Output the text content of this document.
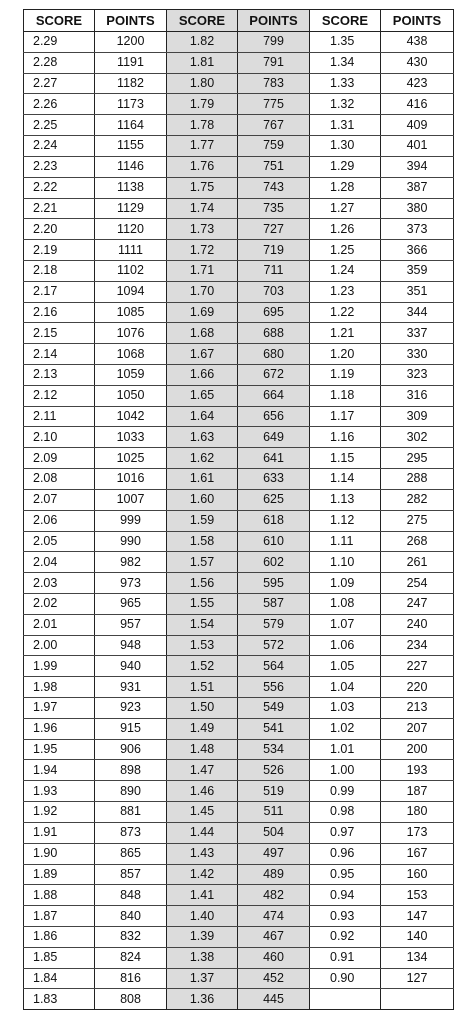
SCORE	POINTS	SCORE	POINTS	SCORE	POINTS
2.29	1200	1.82	799	1.35	438
2.28	1191	1.81	791	1.34	430
2.27	1182	1.80	783	1.33	423
2.26	1173	1.79	775	1.32	416
2.25	1164	1.78	767	1.31	409
2.24	1155	1.77	759	1.30	401
2.23	1146	1.76	751	1.29	394
2.22	1138	1.75	743	1.28	387
2.21	1129	1.74	735	1.27	380
2.20	1120	1.73	727	1.26	373
2.19	1111	1.72	719	1.25	366
2.18	1102	1.71	711	1.24	359
2.17	1094	1.70	703	1.23	351
2.16	1085	1.69	695	1.22	344
2.15	1076	1.68	688	1.21	337
2.14	1068	1.67	680	1.20	330
2.13	1059	1.66	672	1.19	323
2.12	1050	1.65	664	1.18	316
2.11	1042	1.64	656	1.17	309
2.10	1033	1.63	649	1.16	302
2.09	1025	1.62	641	1.15	295
2.08	1016	1.61	633	1.14	288
2.07	1007	1.60	625	1.13	282
2.06	999	1.59	618	1.12	275
2.05	990	1.58	610	1.11	268
2.04	982	1.57	602	1.10	261
2.03	973	1.56	595	1.09	254
2.02	965	1.55	587	1.08	247
2.01	957	1.54	579	1.07	240
2.00	948	1.53	572	1.06	234
1.99	940	1.52	564	1.05	227
1.98	931	1.51	556	1.04	220
1.97	923	1.50	549	1.03	213
1.96	915	1.49	541	1.02	207
1.95	906	1.48	534	1.01	200
1.94	898	1.47	526	1.00	193
1.93	890	1.46	519	0.99	187
1.92	881	1.45	511	0.98	180
1.91	873	1.44	504	0.97	173
1.90	865	1.43	497	0.96	167
1.89	857	1.42	489	0.95	160
1.88	848	1.41	482	0.94	153
1.87	840	1.40	474	0.93	147
1.86	832	1.39	467	0.92	140
1.85	824	1.38	460	0.91	134
1.84	816	1.37	452	0.90	127
1.83	808	1.36	445		
